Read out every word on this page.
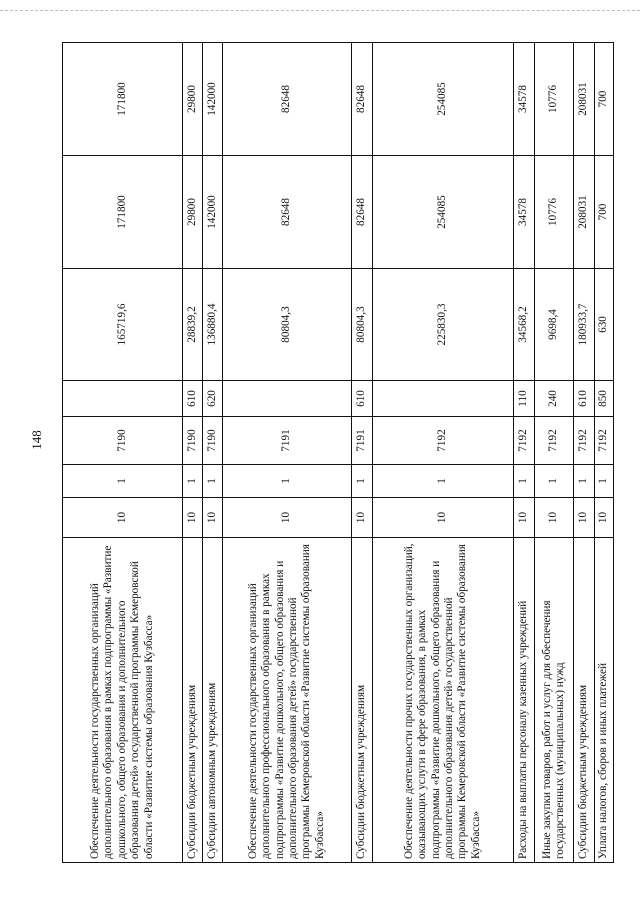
148
Обеспечение деятельности государственных организаций дополнительного образования в рамках подпрограммы «Развитие дошкольного, общего образования и дополнительного образования детей» государственной программы Кемеровской области «Развитие системы образования Кузбасса»	10	1	7190		165719,6	171800	171800
Субсидии бюджетным учреждениям	10	1	7190	610	28839,2	29800	29800
Субсидии автономным учреждениям	10	1	7190	620	136880,4	142000	142000
Обеспечение деятельности государственных организаций дополнительного профессионального образования в рамках подпрограммы «Развитие дошкольного, общего образования и дополнительного образования детей» государственной программы Кемеровской области «Развитие системы образования Кузбасса»	10	1	7191		80804,3	82648	82648
Субсидии бюджетным учреждениям	10	1	7191	610	80804,3	82648	82648
Обеспечение деятельности прочих государственных организаций, оказывающих услуги в сфере образования, в рамках подпрограммы «Развитие дошкольного, общего образования и дополнительного образования детей» государственной программы Кемеровской области «Развитие системы образования Кузбасса»	10	1	7192		225830,3	254085	254085
Расходы на выплаты персоналу казенных учреждений	10	1	7192	110	34568,2	34578	34578
Иные закупки товаров, работ и услуг для обеспечения государственных (муниципальных) нужд	10	1	7192	240	9698,4	10776	10776
Субсидии бюджетным учреждениям	10	1	7192	610	180933,7	208031	208031
Уплата налогов, сборов и иных платежей	10	1	7192	850	630	700	700
